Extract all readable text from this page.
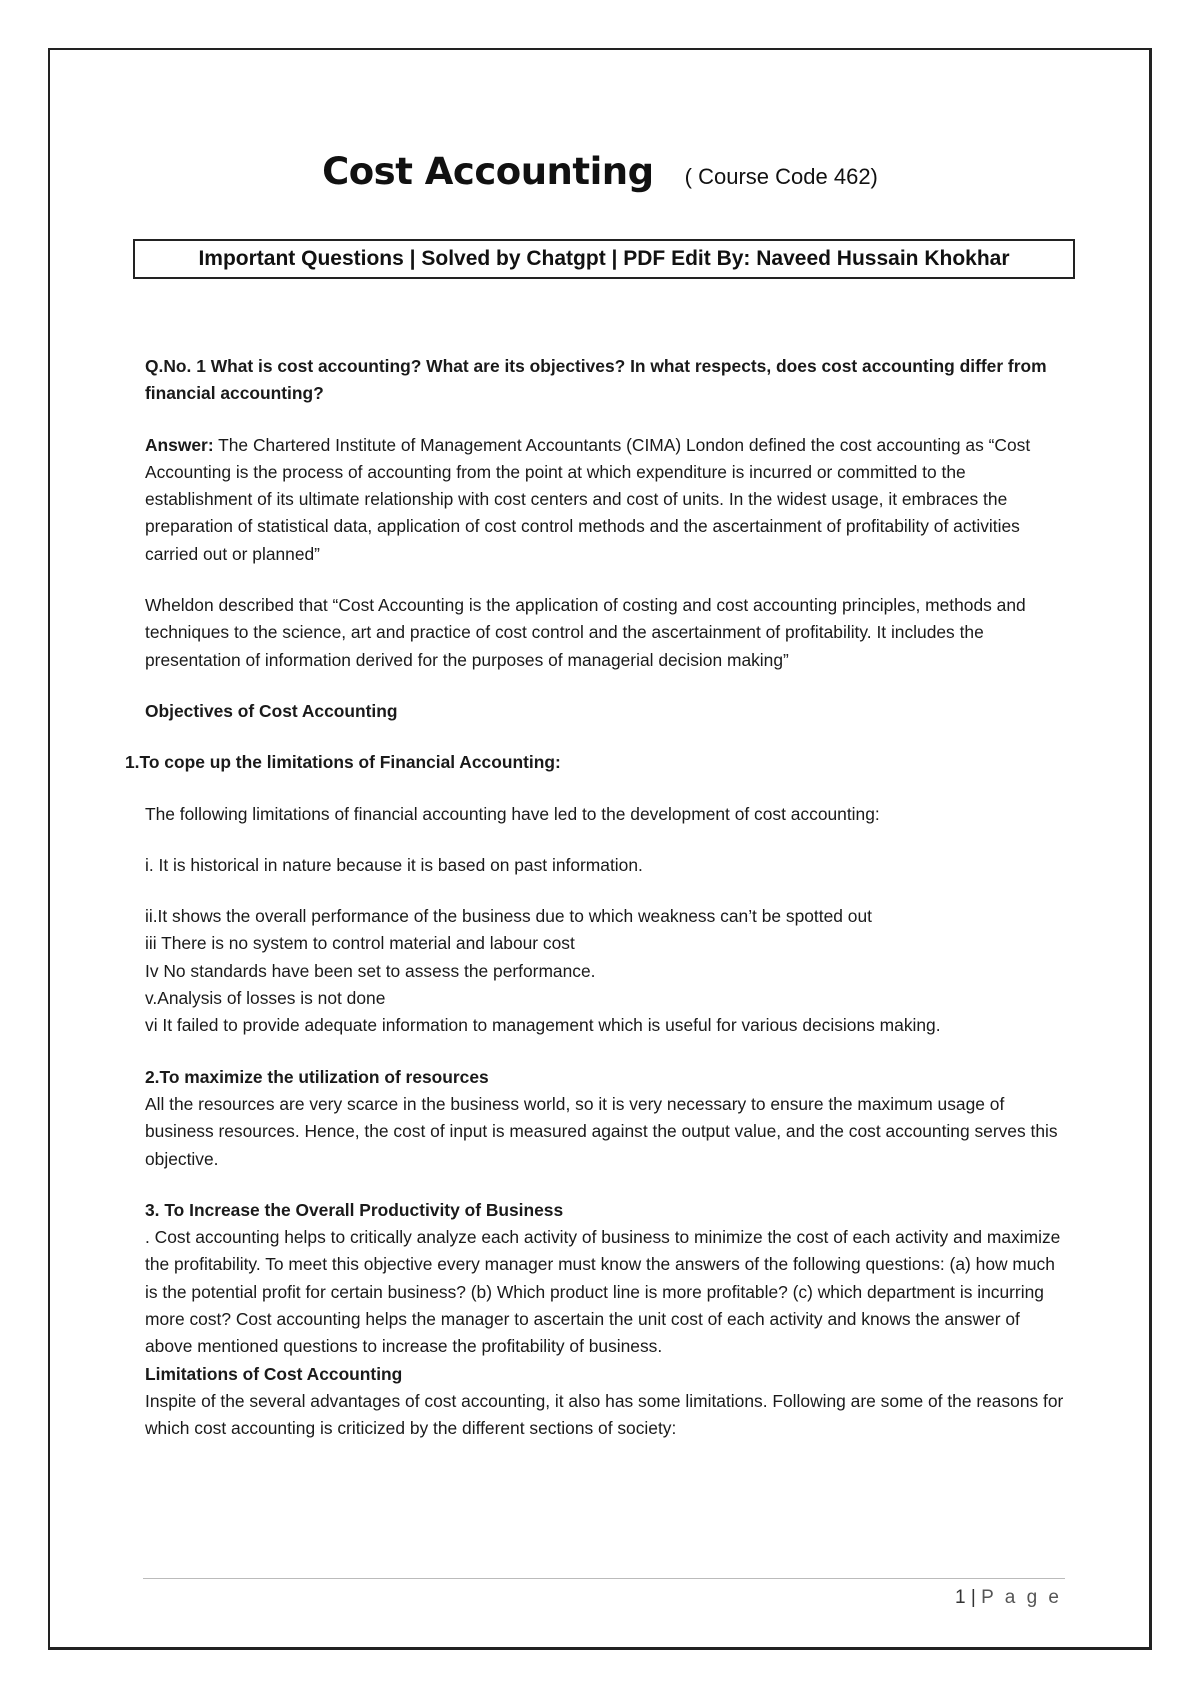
Cost Accounting ( Course Code 462)
Important Questions | Solved by Chatgpt | PDF Edit By: Naveed Hussain Khokhar

Q.No. 1 What is cost accounting? What are its objectives? In what respects, does cost accounting differ from financial accounting?

Answer: The Chartered Institute of Management Accountants (CIMA) London defined the cost accounting as “Cost Accounting is the process of accounting from the point at which expenditure is incurred or committed to the establishment of its ultimate relationship with cost centers and cost of units. In the widest usage, it embraces the preparation of statistical data, application of cost control methods and the ascertainment of profitability of activities carried out or planned”

Wheldon described that “Cost Accounting is the application of costing and cost accounting principles, methods and techniques to the science, art and practice of cost control and the ascertainment of profitability. It includes the presentation of information derived for the purposes of managerial decision making”

Objectives of Cost Accounting

1.To cope up the limitations of Financial Accounting:

The following limitations of financial accounting have led to the development of cost accounting:

i. It is historical in nature because it is based on past information.

ii.It shows the overall performance of the business due to which weakness can’t be spotted out

iii There is no system to control material and labour cost

Iv No standards have been set to assess the performance.

v.Analysis of losses is not done

vi It failed to provide adequate information to management which is useful for various decisions making.

2.To maximize the utilization of resources

All the resources are very scarce in the business world, so it is very necessary to ensure the maximum usage of business resources. Hence, the cost of input is measured against the output value, and the cost accounting serves this objective.

3. To Increase the Overall Productivity of Business

. Cost accounting helps to critically analyze each activity of business to minimize the cost of each activity and maximize the profitability. To meet this objective every manager must know the answers of the following questions: (a) how much is the potential profit for certain business? (b) Which product line is more profitable? (c) which department is incurring more cost? Cost accounting helps the manager to ascertain the unit cost of each activity and knows the answer of above mentioned questions to increase the profitability of business.

Limitations of Cost Accounting

Inspite of the several advantages of cost accounting, it also has some limitations. Following are some of the reasons for which cost accounting is criticized by the different sections of society:

1 | P a g e
